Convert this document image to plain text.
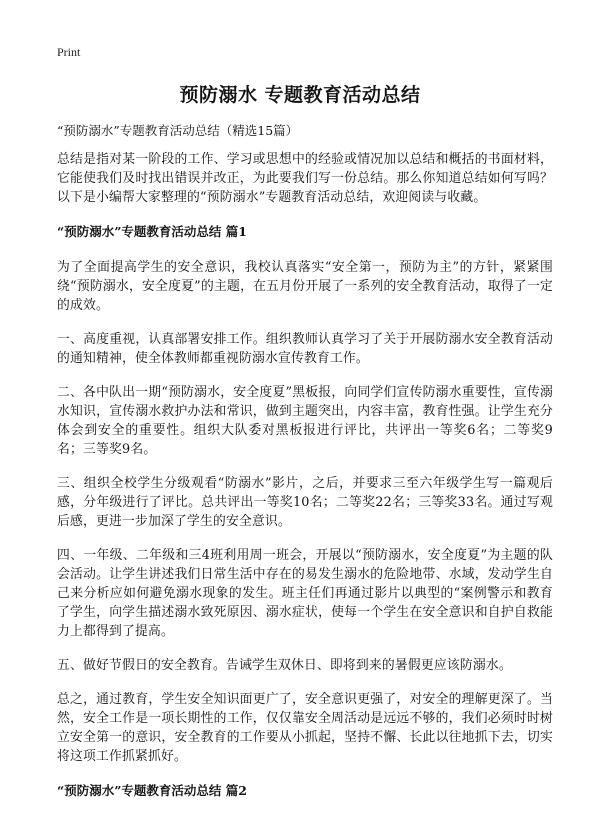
Print
预防溺水 专题教育活动总结
“预防溺水”专题教育活动总结（精选15篇）

总结是指对某一阶段的工作、学习或思想中的经验或情况加以总结和概括的书面材料，它能使我们及时找出错误并改正，为此要我们写一份总结。那么你知道总结如何写吗？以下是小编帮大家整理的“预防溺水”专题教育活动总结，欢迎阅读与收藏。

“预防溺水”专题教育活动总结 篇1

为了全面提高学生的安全意识，我校认真落实“安全第一，预防为主”的方针，紧紧围绕“预防溺水，安全度夏”的主题，在五月份开展了一系列的安全教育活动，取得了一定的成效。

一、高度重视，认真部署安排工作。组织教师认真学习了关于开展防溺水安全教育活动的通知精神，使全体教师都重视防溺水宣传教育工作。

二、各中队出一期“预防溺水，安全度夏”黑板报，向同学们宣传防溺水重要性，宣传溺水知识，宣传溺水救护办法和常识，做到主题突出，内容丰富，教育性强。让学生充分体会到安全的重要性。组织大队委对黑板报进行评比，共评出一等奖6名；二等奖9名；三等奖9名。

三、组织全校学生分级观看“防溺水”影片，之后，并要求三至六年级学生写一篇观后感，分年级进行了评比。总共评出一等奖10名；二等奖22名；三等奖33名。通过写观后感，更进一步加深了学生的安全意识。

四、一年级、二年级和三4班利用周一班会，开展以“预防溺水，安全度夏”为主题的队会活动。让学生讲述我们日常生活中存在的易发生溺水的危险地带、水域，发动学生自己来分析应如何避免溺水现象的发生。班主任们再通过影片以典型的“案例警示和教育了学生，向学生描述溺水致死原因、溺水症状，使每一个学生在安全意识和自护自救能力上都得到了提高。

五、做好节假日的安全教育。告诫学生双休日、即将到来的暑假更应该防溺水。

总之，通过教育，学生安全知识面更广了，安全意识更强了，对安全的理解更深了。当然，安全工作是一项长期性的工作，仅仅靠安全周活动是远远不够的，我们必须时时树立安全第一的意识，安全教育的工作要从小抓起，坚持不懈、长此以往地抓下去，切实将这项工作抓紧抓好。

“预防溺水”专题教育活动总结 篇2
